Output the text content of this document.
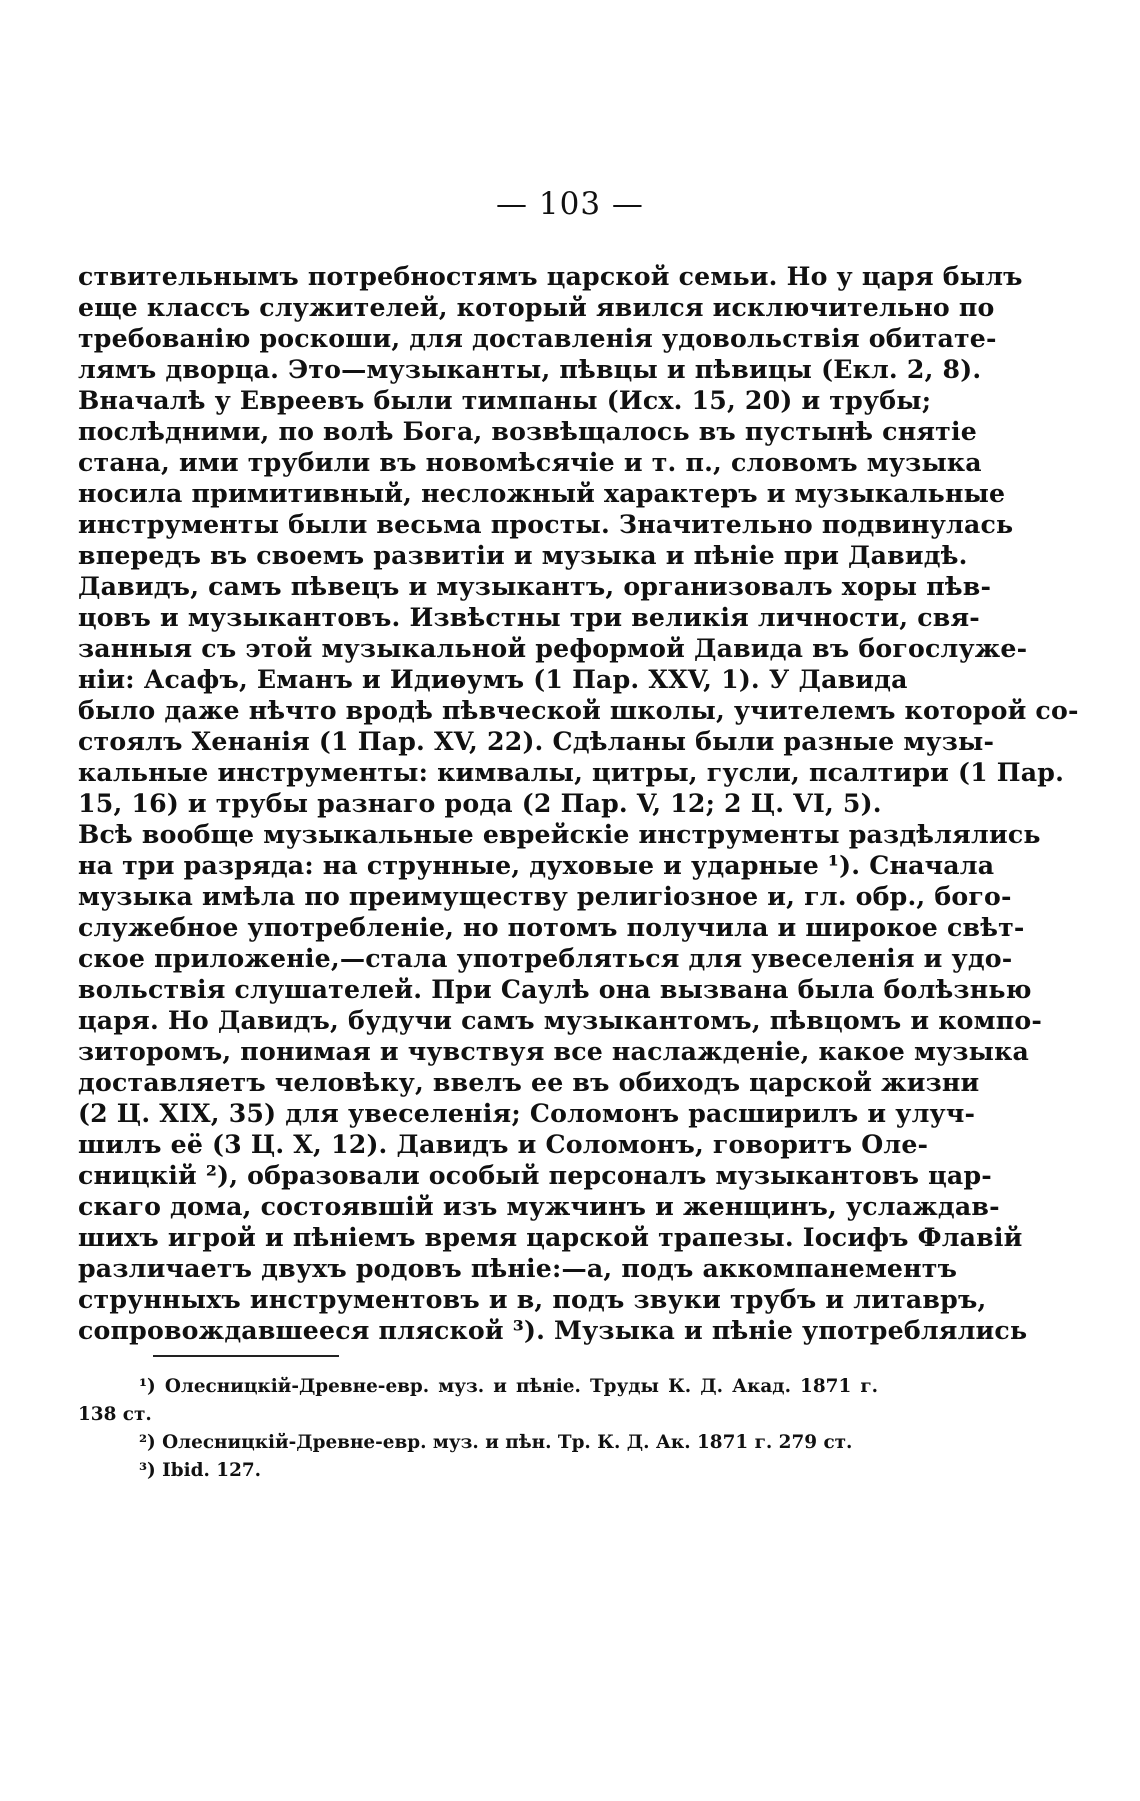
— 103 —
ствительнымъ потребностямъ царской семьи. Но у царя былъ
еще классъ служителей, который явился исключительно по
требованію роскоши, для доставленія удовольствія обитате-
лямъ дворца. Это—музыканты, пѣвцы и пѣвицы (Екл. 2, 8).
Вначалѣ у Евреевъ были тимпаны (Исх. 15, 20) и трубы;
послѣдними, по волѣ Бога, возвѣщалось въ пустынѣ снятіе
стана, ими трубили въ новомѣсячіе и т. п., словомъ музыка
носила примитивный, несложный характеръ и музыкальные
инструменты были весьма просты. Значительно подвинулась
впередъ въ своемъ развитіи и музыка и пѣніе при Давидѣ.
Давидъ, самъ пѣвецъ и музыкантъ, организовалъ хоры пѣв-
цовъ и музыкантовъ. Извѣстны три великія личности, свя-
занныя съ этой музыкальной реформой Давида въ богослуже-
ніи: Асафъ, Еманъ и Идиѳумъ (1 Пар. XXV, 1). У Давида
было даже нѣчто вродѣ пѣвческой школы, учителемъ которой со-
стоялъ Хенанія (1 Пар. XV, 22). Сдѣланы были разные музы-
кальные инструменты: кимвалы, цитры, гусли, псалтири (1 Пар.
15, 16) и трубы разнаго рода (2 Пар. V, 12; 2 Ц. VI, 5).
Всѣ вообще музыкальные еврейскіе инструменты раздѣлялись
на три разряда: на струнные, духовые и ударные ¹). Сначала
музыка имѣла по преимуществу религіозное и, гл. обр., бого-
служебное употребленіе, но потомъ получила и широкое свѣт-
ское приложеніе,—стала употребляться для увеселенія и удо-
вольствія слушателей. При Саулѣ она вызвана была болѣзнью
царя. Но Давидъ, будучи самъ музыкантомъ, пѣвцомъ и компо-
зиторомъ, понимая и чувствуя все наслажденіе, какое музыка
доставляетъ человѣку, ввелъ ее въ обиходъ царской жизни
(2 Ц. XIX, 35) для увеселенія; Соломонъ расширилъ и улуч-
шилъ её (3 Ц. X, 12). Давидъ и Соломонъ, говоритъ Оле-
сницкій ²), образовали особый персоналъ музыкантовъ цар-
скаго дома, состоявшій изъ мужчинъ и женщинъ, услаждав-
шихъ игрой и пѣніемъ время царской трапезы. Іосифъ Флавій
различаетъ двухъ родовъ пѣніе:—а, подъ аккомпанементъ
струнныхъ инструментовъ и в, подъ звуки трубъ и литавръ,
сопровождавшееся пляской ³). Музыка и пѣніе употреблялись
¹) Олесницкій-Древне-евр. муз. и пѣніе. Труды К. Д. Акад. 1871 г.
138 ст.
²) Олесницкій-Древне-евр. муз. и пѣн. Тр. К. Д. Ак. 1871 г. 279 ст.
³) Ibid. 127.
